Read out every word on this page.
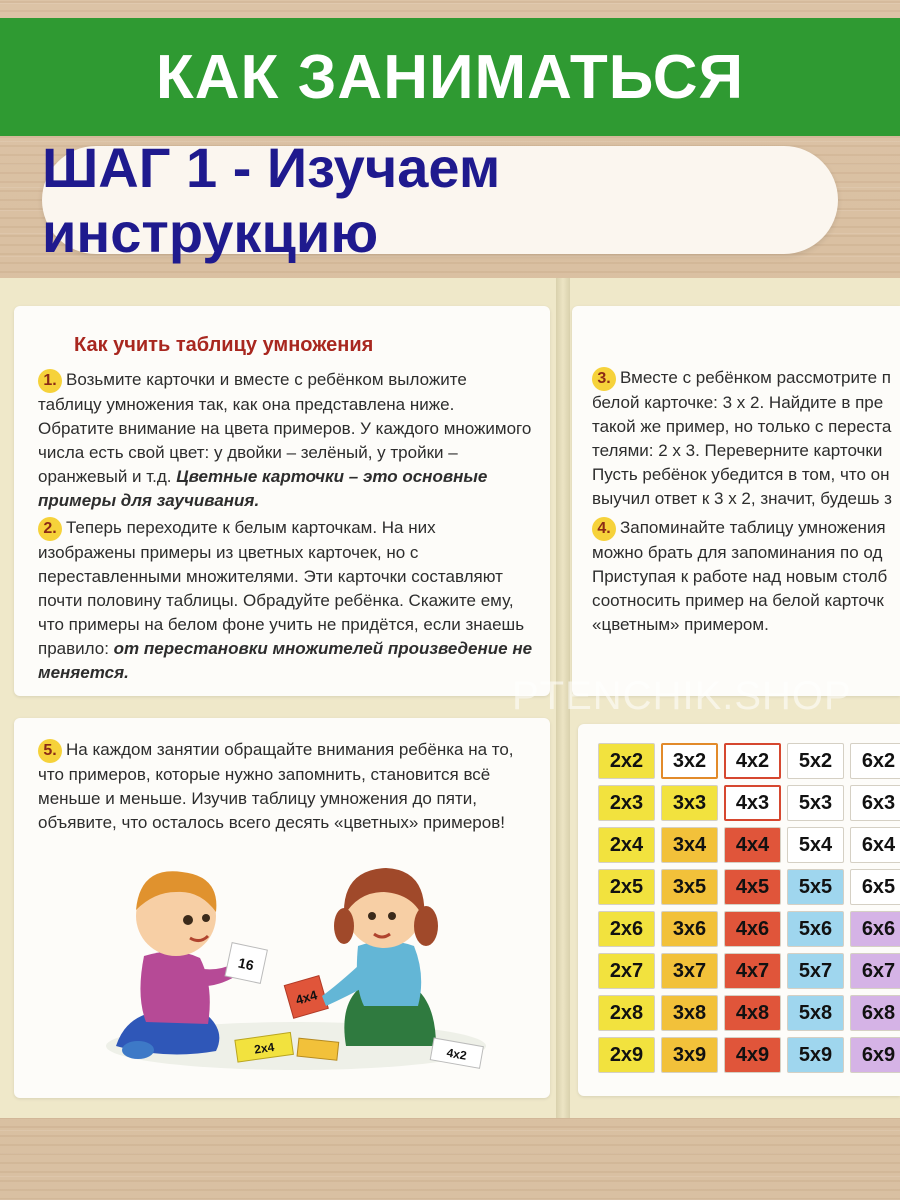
КАК ЗАНИМАТЬСЯ
ШАГ 1 - Изучаем инструкцию
Как учить таблицу умножения
1. Возьмите карточки и вместе с ребёнком выложите таблицу умножения так, как она представлена ниже. Обратите внимание на цвета примеров. У каждого множимого числа есть свой цвет: у двойки – зелёный, у тройки – оранжевый и т.д. Цветные карточки – это основные примеры для заучивания.
2. Теперь переходите к белым карточкам. На них изображены примеры из цветных карточек, но с переставленными множителями. Эти карточки составляют почти половину таблицы. Обрадуйте ребёнка. Скажите ему, что примеры на белом фоне учить не придётся, если знаешь правило: от перестановки множителей произведение не меняется.
3. Вместе с ребёнком рассмотрите п
белой карточке: 3 x 2. Найдите в пре
такой же пример, но только с переста
телями: 2 x 3. Переверните карточки
Пусть ребёнок убедится в том, что он
выучил ответ к 3 x 2, значит, будешь з
4. Запоминайте таблицу умножения
можно брать для запоминания по од
Приступая к работе над новым столб
соотносить пример на белой карточк
«цветным» примером.
5. На каждом занятии обращайте внимания ребёнка на то, что примеров, которые нужно запомнить, становится всё меньше и меньше. Изучив таблицу умножения до пяти, объявите, что осталось всего десять «цветных» примеров!
16
4x4
2x4	4x2
PTENCHIK.SHOP
2x2	3x2	4x2	5x2	6x2
2x3	3x3	4x3	5x3	6x3
2x4	3x4	4x4	5x4	6x4
2x5	3x5	4x5	5x5	6x5
2x6	3x6	4x6	5x6	6x6
2x7	3x7	4x7	5x7	6x7
2x8	3x8	4x8	5x8	6x8
2x9	3x9	4x9	5x9	6x9
